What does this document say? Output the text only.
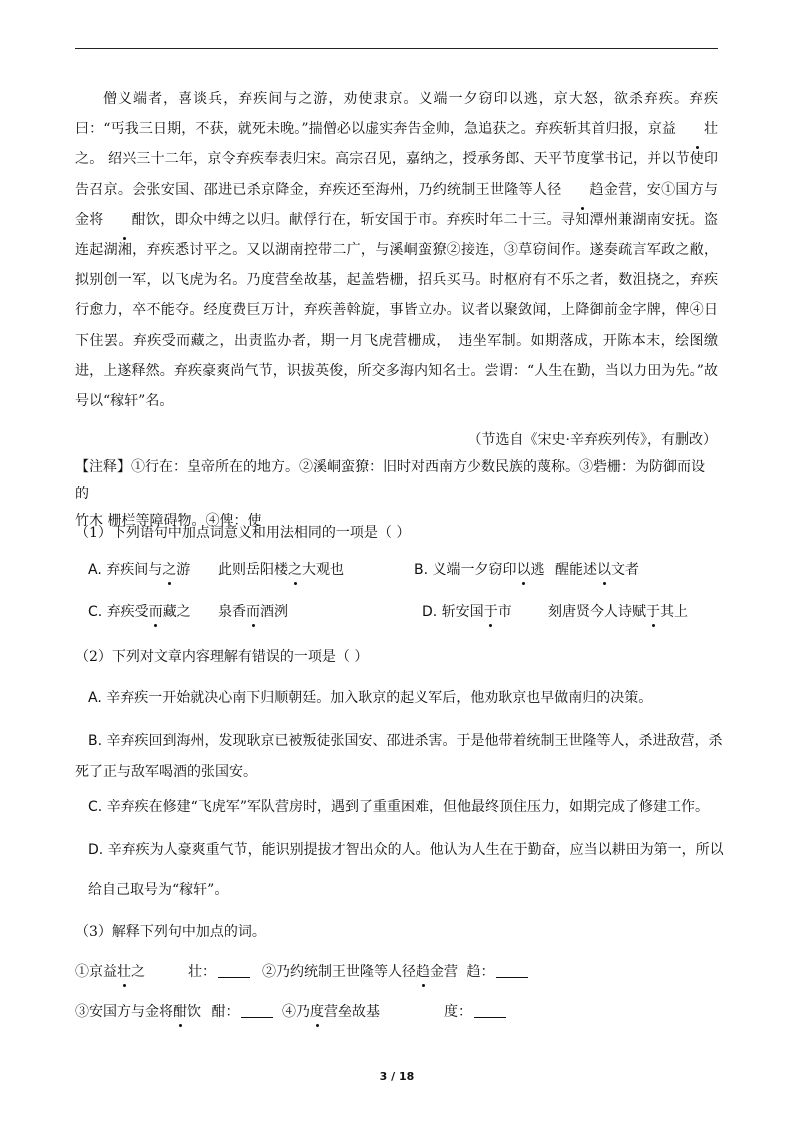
僧义端者，喜谈兵，弃疾间与之游，劝使隶京。义端一夕窃印以逃，京大怒，欲杀弃疾。弃疾曰：“丐我三日期，不获，就死未晚。”揣僧必以虚实奔告金帅，急追获之。弃疾斩其首归报，京益 壮之。 绍兴三十二年，京令弃疾奉表归宋。高宗召见，嘉纳之，授承务郎、天平节度掌书记，并以节使印告召京。会张安国、邵进已杀京降金，弃疾还至海州，乃约统制王世隆等人径 趋金营，安①国方与金将 酣饮，即众中缚之以归。献俘行在，斩安国于市。弃疾时年二十三。寻知潭州兼湖南安抚。盗连起湖湘，弃疾悉讨平之。又以湖南控带二广，与溪峒蛮獠②接连，③草窃间作。遂奏疏言军政之敝，拟别创一军，以飞虎为名。乃度营垒故基，起盖砦栅，招兵买马。时枢府有不乐之者，数沮挠之，弃疾行愈力，卒不能夺。经度费巨万计，弃疾善斡旋，事皆立办。议者以聚敛闻，上降御前金字牌，俾④日下住罢。弃疾受而藏之，出责监办者，期一月飞虎营栅成，　违坐军制。如期落成，开陈本末，绘图缴进，上遂释然。弃疾豪爽尚气节，识拔英俊，所交多海内知名士。尝谓：“人生在勤，当以力田为先。”故号以“稼轩”名。
（节选自《宋史·辛弃疾列传》，有删改）
【注释】①行在：皇帝所在的地方。②溪峒蛮獠：旧时对西南方少数民族的蔑称。③砦栅：为防御而设的
竹木 栅栏等障碍物。④俾：使
（1）下列语句中加点词意义和用法相同的一项是（ ）
A. 弃疾间与之游 此则岳阳楼之大观也	B. 义端一夕窃印以逃 醒能述以文者
C. 弃疾受而藏之 泉香而酒洌	D. 斩安国于市	刻唐贤今人诗赋于其上
（2）下列对文章内容理解有错误的一项是（ ）
A. 辛弃疾一开始就决心南下归顺朝廷。加入耿京的起义军后，他劝耿京也早做南归的决策。
B. 辛弃疾回到海州，发现耿京已被叛徒张国安、邵进杀害。于是他带着统制王世隆等人，杀进敌营，杀
死了正与敌军喝酒的张国安。
C. 辛弃疾在修建“飞虎军”军队营房时，遇到了重重困难，但他最终顶住压力，如期完成了修建工作。
D. 辛弃疾为人豪爽重气节，能识别提拔才智出众的人。他认为人生在于勤奋，应当以耕田为第一，所以
给自己取号为“稼轩”。
（3）解释下列句中加点的词。
①京益壮之	壮：	②乃约统制王世隆等人径趋金营 趋：
③安国方与金将酣饮 酣：	④乃度营垒故基	度：
3 / 18
